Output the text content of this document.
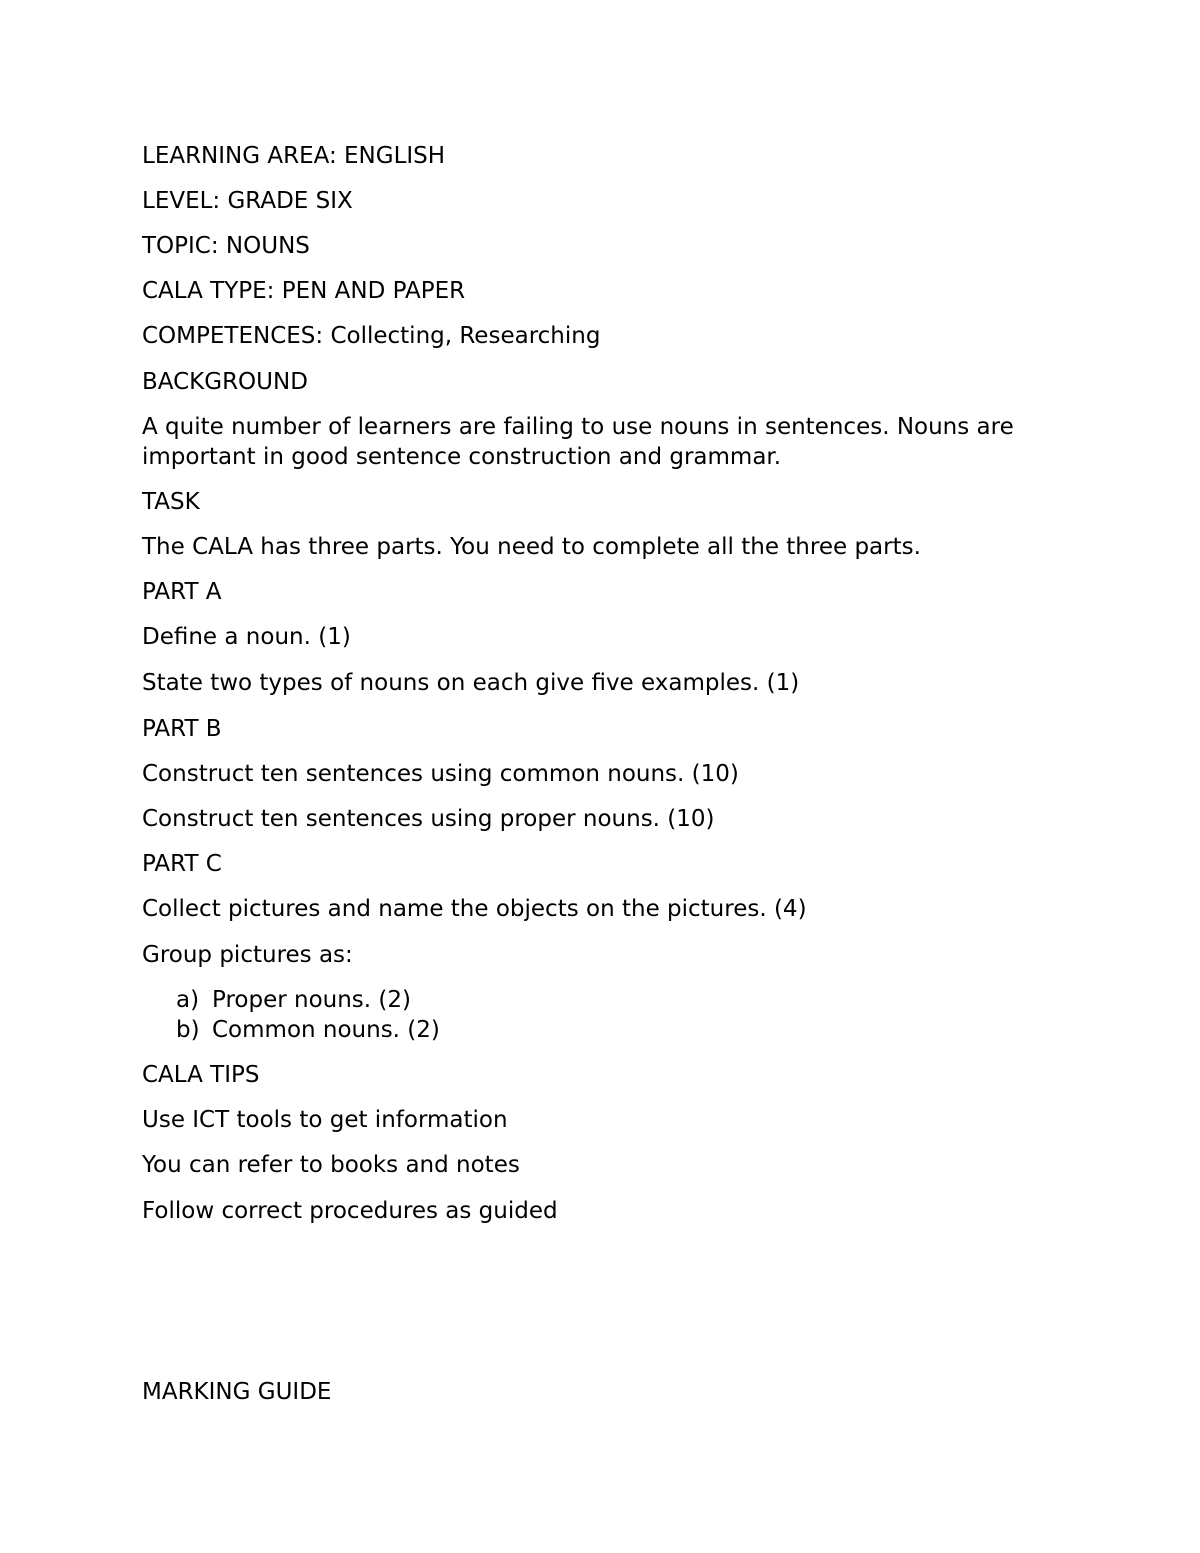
LEARNING AREA: ENGLISH

LEVEL: GRADE SIX

TOPIC: NOUNS

CALA TYPE: PEN AND PAPER

COMPETENCES: Collecting, Researching

BACKGROUND

A quite number of learners are failing to use nouns in sentences. Nouns are important in good sentence construction and grammar.

TASK

The CALA has three parts. You need to complete all the three parts.

PART A

Define a noun. (1)

State two types of nouns on each give five examples. (1)

PART B

Construct ten sentences using common nouns. (10)

Construct ten sentences using proper nouns. (10)

PART C

Collect pictures and name the objects on the pictures. (4)

Group pictures as:

a) Proper nouns. (2)

b) Common nouns. (2)

CALA TIPS

Use ICT tools to get information

You can refer to books and notes

Follow correct procedures as guided

MARKING GUIDE
